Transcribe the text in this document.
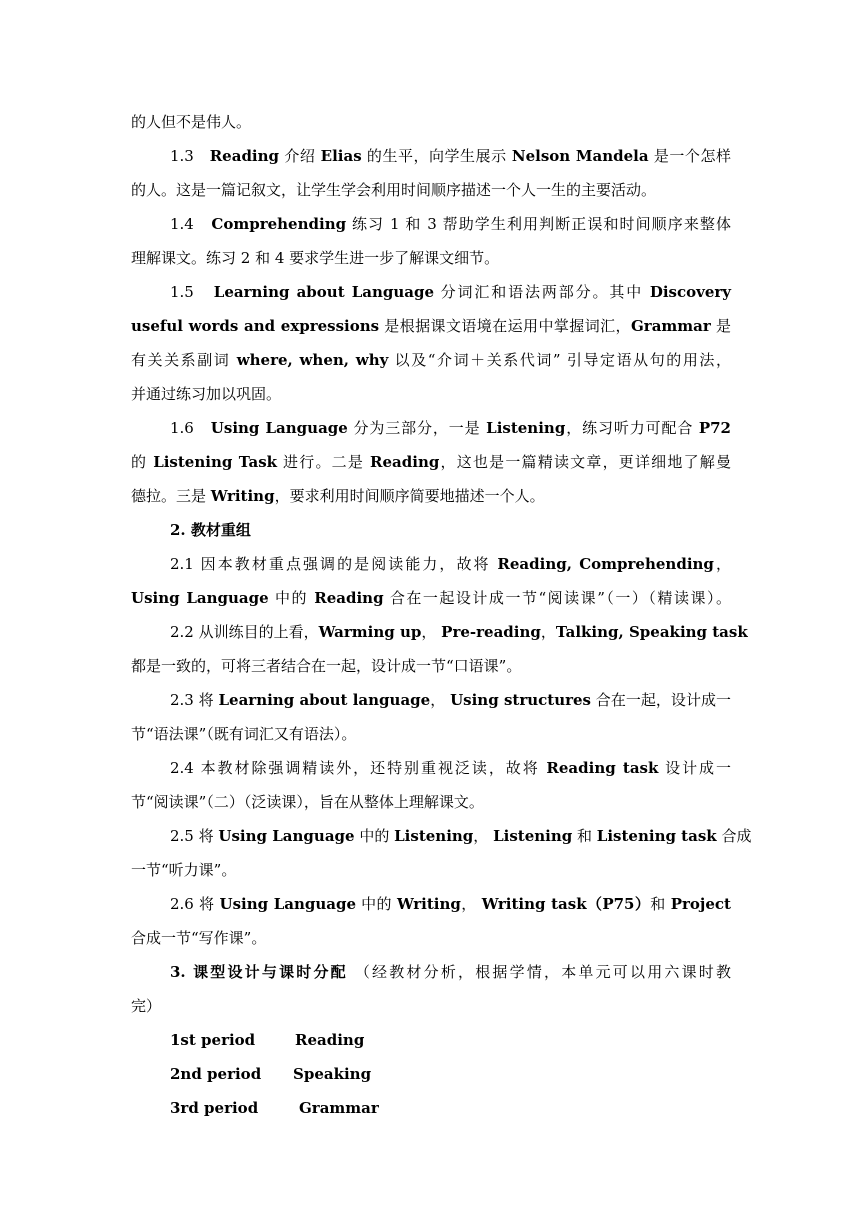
的人但不是伟人。
1.3 Reading 介绍 Elias 的生平，向学生展示 Nelson Mandela 是一个怎样
的人。这是一篇记叙文，让学生学会利用时间顺序描述一个人一生的主要活动。
1.4 Comprehending 练习 1 和 3 帮助学生利用判断正误和时间顺序来整体
理解课文。练习 2 和 4 要求学生进一步了解课文细节。
1.5 Learning about Language 分词汇和语法两部分。其中 Discovery
useful words and expressions 是根据课文语境在运用中掌握词汇，Grammar 是
有关关系副词 where, when, why 以及“介词＋关系代词” 引导定语从句的用法，
并通过练习加以巩固。
1.6 Using Language 分为三部分，一是 Listening，练习听力可配合 P72
的 Listening Task 进行。二是 Reading，这也是一篇精读文章，更详细地了解曼
德拉。三是 Writing，要求利用时间顺序简要地描述一个人。
2. 教材重组
2.1 因本教材重点强调的是阅读能力，故将 Reading, Comprehending，
Using Language 中的 Reading 合在一起设计成一节“阅读课”（一）（精读课）。
2.2 从训练目的上看，Warming up， Pre-reading，Talking, Speaking task
都是一致的，可将三者结合在一起，设计成一节“口语课”。
2.3 将 Learning about language， Using structures 合在一起，设计成一
节“语法课”（既有词汇又有语法）。
2.4 本教材除强调精读外，还特别重视泛读，故将 Reading task 设计成一
节“阅读课”（二）（泛读课），旨在从整体上理解课文。
2.5 将 Using Language 中的 Listening， Listening 和 Listening task 合成
一节“听力课”。
2.6 将 Using Language 中的 Writing， Writing task（P75）和 Project
合成一节“写作课”。
3. 课型设计与课时分配 （经教材分析，根据学情，本单元可以用六课时教
完）
1st period	Reading
2nd period Speaking
3rd period	Grammar
